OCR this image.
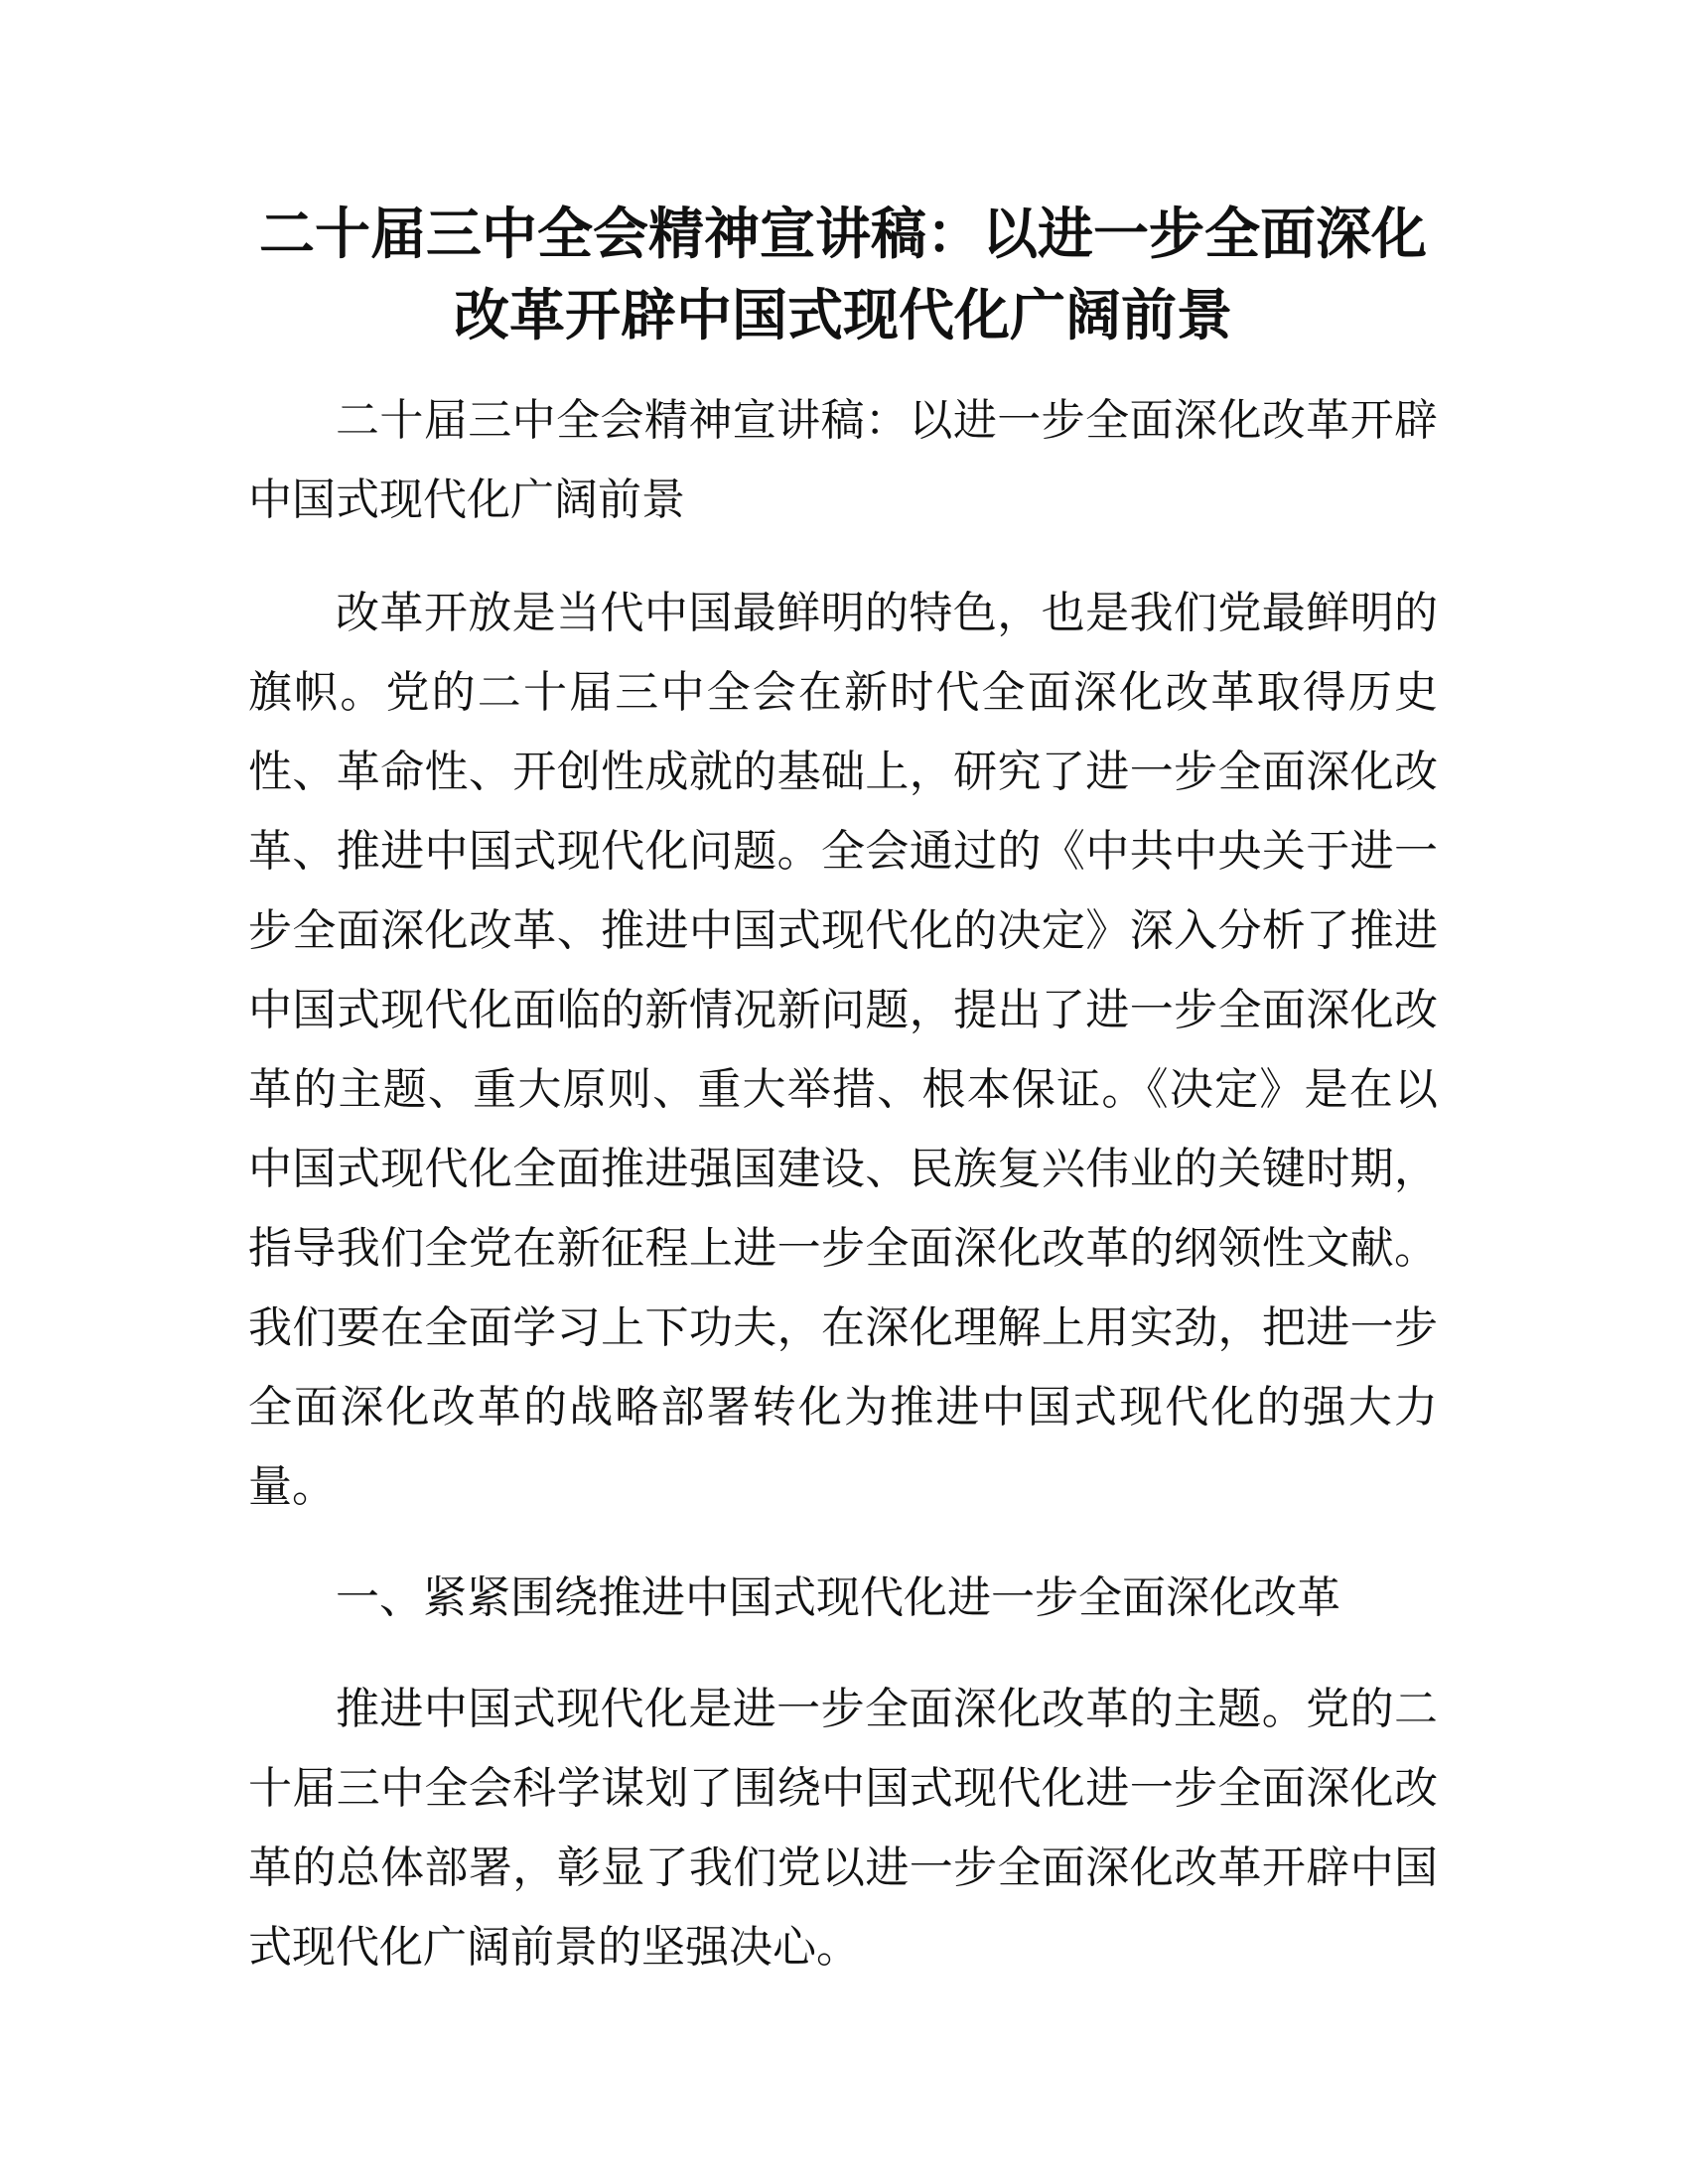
二十届三中全会精神宣讲稿：以进一步全面深化改革开辟中国式现代化广阔前景

二十届三中全会精神宣讲稿：以进一步全面深化改革开辟中国式现代化广阔前景

改革开放是当代中国最鲜明的特色，也是我们党最鲜明的旗帜。党的二十届三中全会在新时代全面深化改革取得历史性、革命性、开创性成就的基础上，研究了进一步全面深化改革、推进中国式现代化问题。全会通过的《中共中央关于进一步全面深化改革、推进中国式现代化的决定》深入分析了推进中国式现代化面临的新情况新问题，提出了进一步全面深化改革的主题、重大原则、重大举措、根本保证。《决定》是在以中国式现代化全面推进强国建设、民族复兴伟业的关键时期，指导我们全党在新征程上进一步全面深化改革的纲领性文献。我们要在全面学习上下功夫，在深化理解上用实劲，把进一步全面深化改革的战略部署转化为推进中国式现代化的强大力量。

一、紧紧围绕推进中国式现代化进一步全面深化改革

推进中国式现代化是进一步全面深化改革的主题。党的二十届三中全会科学谋划了围绕中国式现代化进一步全面深化改革的总体部署，彰显了我们党以进一步全面深化改革开辟中国式现代化广阔前景的坚强决心。
